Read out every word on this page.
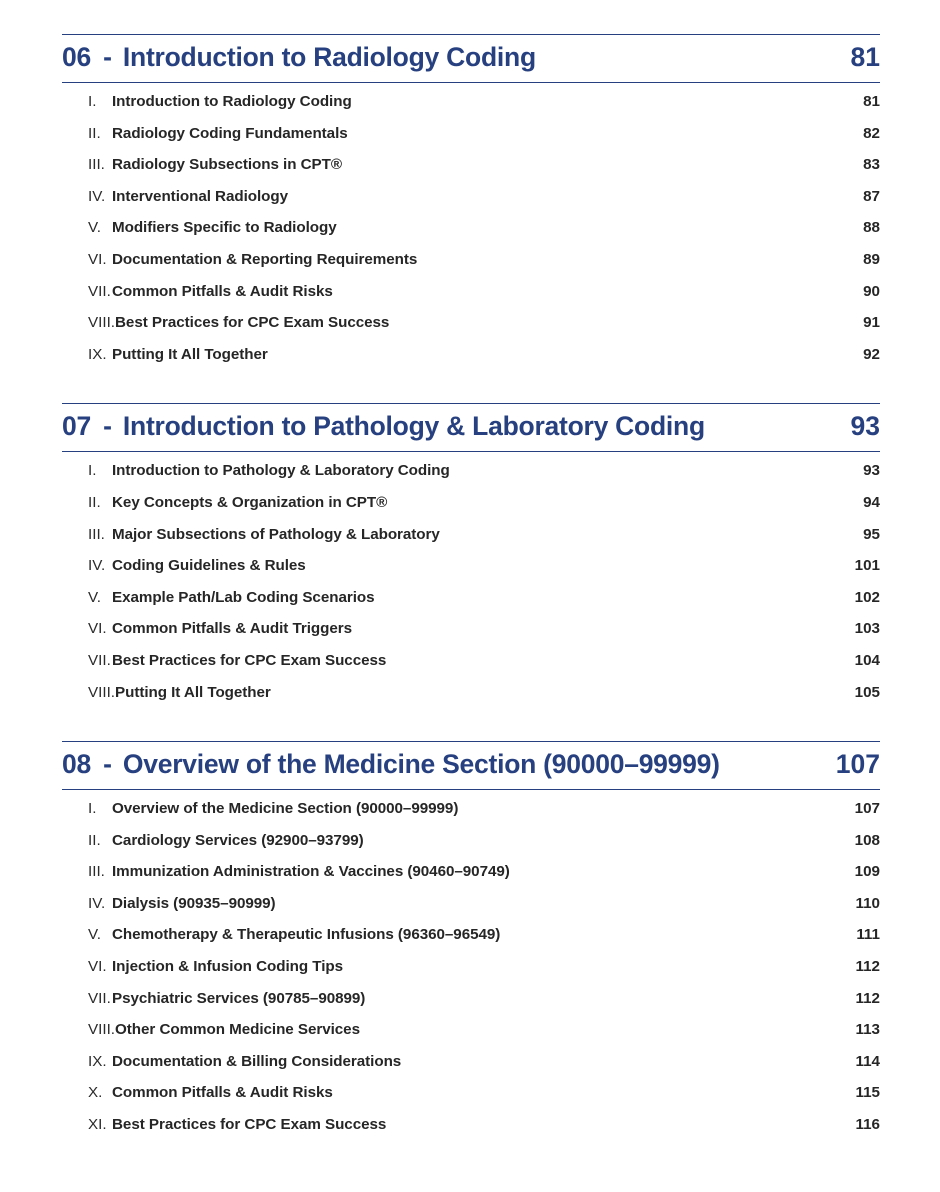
06 - Introduction to Radiology Coding	81
I.	Introduction to Radiology Coding	81
II. Radiology Coding Fundamentals	82
III. Radiology Subsections in CPT®	83
IV. Interventional Radiology	87
V. Modifiers Specific to Radiology	88
VI. Documentation & Reporting Requirements	89
VII. Common Pitfalls & Audit Risks	90
VIII. Best Practices for CPC Exam Success	91
IX. Putting It All Together	92
07 - Introduction to Pathology & Laboratory Coding	93
I.	Introduction to Pathology & Laboratory Coding	93
II. Key Concepts & Organization in CPT®	94
III. Major Subsections of Pathology & Laboratory	95
IV. Coding Guidelines & Rules	101
V. Example Path/Lab Coding Scenarios	102
VI. Common Pitfalls & Audit Triggers	103
VII. Best Practices for CPC Exam Success	104
VIII. Putting It All Together	105
08 - Overview of the Medicine Section (90000–99999)	107
I.	Overview of the Medicine Section (90000–99999)	107
II. Cardiology Services (92900–93799)	108
III. Immunization Administration & Vaccines (90460–90749)	109
IV. Dialysis (90935–90999)	110
V. Chemotherapy & Therapeutic Infusions (96360–96549)	111
VI. Injection & Infusion Coding Tips	112
VII. Psychiatric Services (90785–90899)	112
VIII. Other Common Medicine Services	113
IX. Documentation & Billing Considerations	114
X. Common Pitfalls & Audit Risks	115
XI. Best Practices for CPC Exam Success	116
